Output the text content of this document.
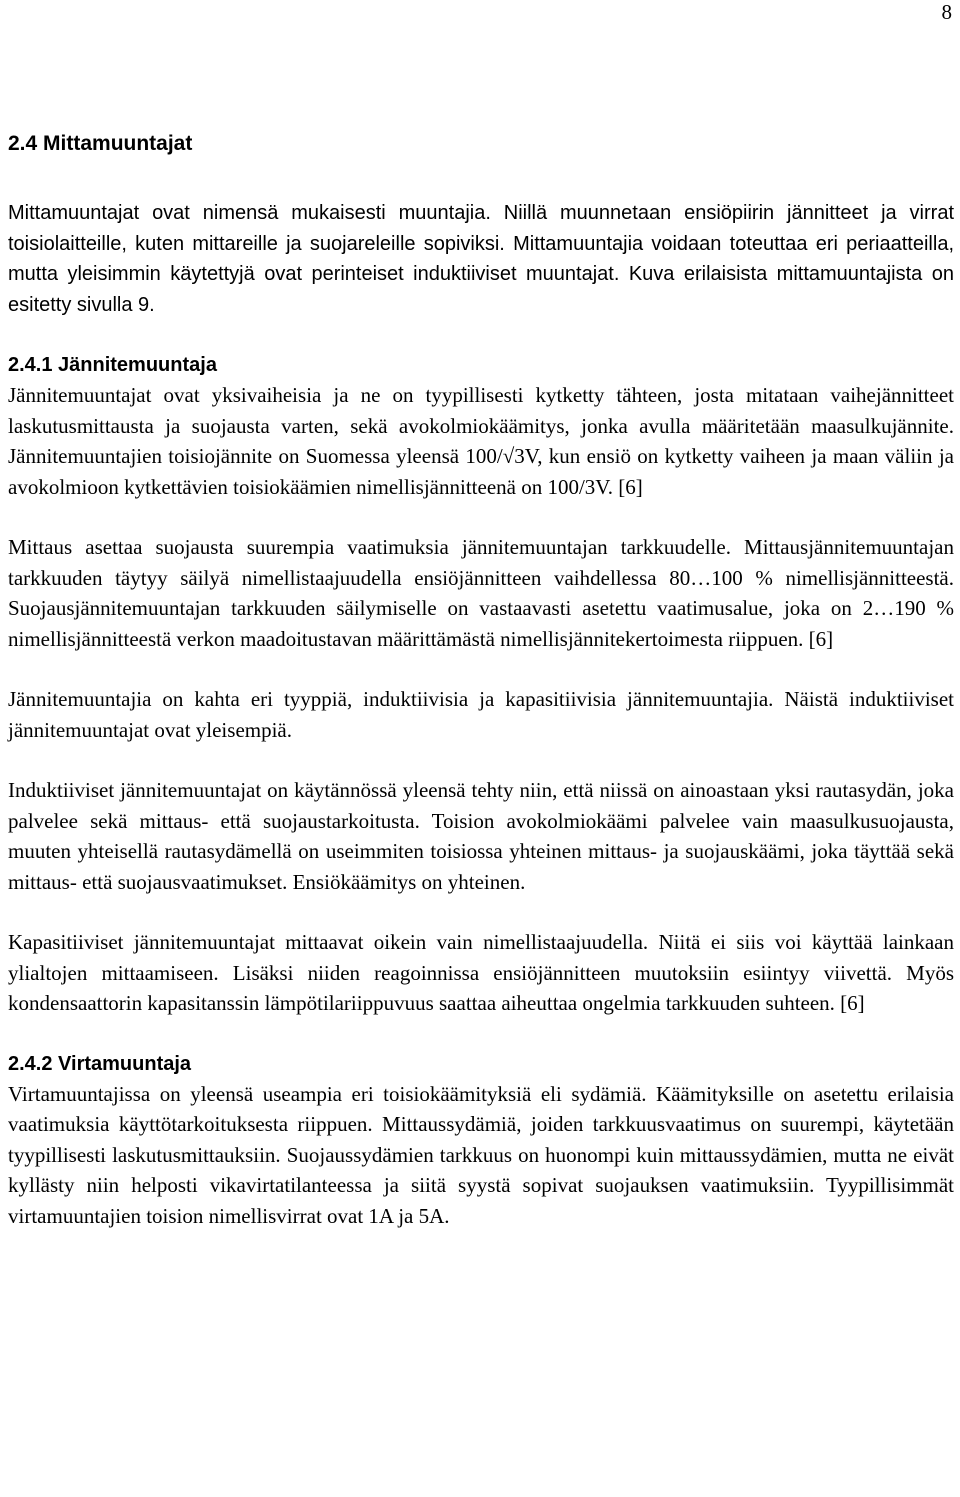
8
2.4 Mittamuuntajat

Mittamuuntajat ovat nimensä mukaisesti muuntajia. Niillä muunnetaan ensiöpiirin jännitteet ja virrat toisiolaitteille, kuten mittareille ja suojareleille sopiviksi. Mittamuuntajia voidaan toteuttaa eri periaatteilla, mutta yleisimmin käytettyjä ovat perinteiset induktiiviset muuntajat. Kuva erilaisista mittamuuntajista on esitetty sivulla 9.

2.4.1 Jännitemuuntaja

Jännitemuuntajat ovat yksivaiheisia ja ne on tyypillisesti kytketty tähteen, josta mitataan vaihejännitteet laskutusmittausta ja suojausta varten, sekä avokolmiokäämitys, jonka avulla määritetään maasulkujännite. Jännitemuuntajien toisiojännite on Suomessa yleensä 100/√3V, kun ensiö on kytketty vaiheen ja maan väliin ja avokolmioon kytkettävien toisiokäämien nimellisjännitteenä on 100/3V. [6]

Mittaus asettaa suojausta suurempia vaatimuksia jännitemuuntajan tarkkuudelle. Mittausjännitemuuntajan tarkkuuden täytyy säilyä nimellistaajuudella ensiöjännitteen vaihdellessa 80…100 % nimellisjännitteestä. Suojausjännitemuuntajan tarkkuuden säilymiselle on vastaavasti asetettu vaatimusalue, joka on 2…190 % nimellisjännitteestä verkon maadoitustavan määrittämästä nimellisjännitekertoimesta riippuen. [6]

Jännitemuuntajia on kahta eri tyyppiä, induktiivisia ja kapasitiivisia jännitemuuntajia. Näistä induktiiviset jännitemuuntajat ovat yleisempiä.

Induktiiviset jännitemuuntajat on käytännössä yleensä tehty niin, että niissä on ainoastaan yksi rautasydän, joka palvelee sekä mittaus- että suojaustarkoitusta. Toision avokolmiokäämi palvelee vain maasulkusuojausta, muuten yhteisellä rautasydämellä on useimmiten toisiossa yhteinen mittaus- ja suojauskäämi, joka täyttää sekä mittaus- että suojausvaatimukset. Ensiökäämitys on yhteinen.

Kapasitiiviset jännitemuuntajat mittaavat oikein vain nimellistaajuudella. Niitä ei siis voi käyttää lainkaan ylialtojen mittaamiseen. Lisäksi niiden reagoinnissa ensiöjännitteen muutoksiin esiintyy viivettä. Myös kondensaattorin kapasitanssin lämpötilariippuvuus saattaa aiheuttaa ongelmia tarkkuuden suhteen. [6]

2.4.2 Virtamuuntaja

Virtamuuntajissa on yleensä useampia eri toisiokäämityksiä eli sydämiä. Käämityksille on asetettu erilaisia vaatimuksia käyttötarkoituksesta riippuen. Mittaussydämiä, joiden tarkkuusvaatimus on suurempi, käytetään tyypillisesti laskutusmittauksiin. Suojaussydämien tarkkuus on huonompi kuin mittaussydämien, mutta ne eivät kyllästy niin helposti vikavirtatilanteessa ja siitä syystä sopivat suojauksen vaatimuksiin. Tyypillisimmät virtamuuntajien toision nimellisvirrat ovat 1A ja 5A.
